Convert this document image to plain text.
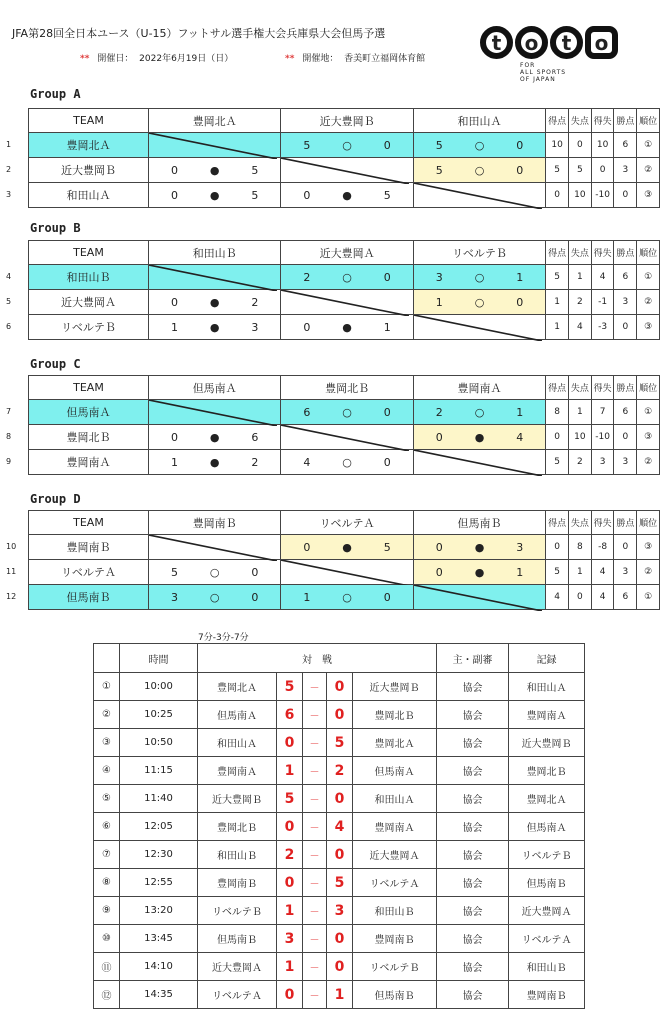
JFA第28回全日本ユース（U-15）フットサル選手権大会兵庫県大会但馬予選
** 開催日： 2022年6月19日（日）	** 開催地： 香美町立福岡体育館
t	o	t	o
FOR
ALL SPORTS
OF JAPAN
Group A
1
2
3
TEAM	豊岡北Ａ	近大豊岡Ｂ	和田山Ａ	得点	失点	得失	勝点	順位
豊岡北Ａ		5 ○ 0	5 ○ 0	10	0	10	6	①
近大豊岡Ｂ	0 ● 5		5 ○ 0	5	5	0	3	②
和田山Ａ	0 ● 5	0 ● 5		0	10	-10	0	③
Group B
4
5
6
TEAM	和田山Ｂ	近大豊岡Ａ	リベルテＢ	得点	失点	得失	勝点	順位
和田山Ｂ		2 ○ 0	3 ○ 1	5	1	4	6	①
近大豊岡Ａ	0 ● 2		1 ○ 0	1	2	-1	3	②
リベルテＢ	1 ● 3	0 ● 1		1	4	-3	0	③
Group C
7
8
9
TEAM	但馬南Ａ	豊岡北Ｂ	豊岡南Ａ	得点	失点	得失	勝点	順位
但馬南Ａ		6 ○ 0	2 ○ 1	8	1	7	6	①
豊岡北Ｂ	0 ● 6		0 ● 4	0	10	-10	0	③
豊岡南Ａ	1 ● 2	4 ○ 0		5	2	3	3	②
Group D
10
11
12
TEAM	豊岡南Ｂ	リベルテＡ	但馬南Ｂ	得点	失点	得失	勝点	順位
豊岡南Ｂ		0 ● 5	0 ● 3	0	8	-8	0	③
リベルテＡ	5 ○ 0		0 ● 1	5	1	4	3	②
但馬南Ｂ	3 ○ 0	1 ○ 0		4	0	4	6	①
7分-3分-7分
	時間	対　戦					主・副審	記録
①	10:00	豊岡北Ａ	5	－	0	近大豊岡Ｂ	協会	和田山Ａ
②	10:25	但馬南Ａ	6	－	0	豊岡北Ｂ	協会	豊岡南Ａ
③	10:50	和田山Ａ	0	－	5	豊岡北Ａ	協会	近大豊岡Ｂ
④	11:15	豊岡南Ａ	1	－	2	但馬南Ａ	協会	豊岡北Ｂ
⑤	11:40	近大豊岡Ｂ	5	－	0	和田山Ａ	協会	豊岡北Ａ
⑥	12:05	豊岡北Ｂ	0	－	4	豊岡南Ａ	協会	但馬南Ａ
⑦	12:30	和田山Ｂ	2	－	0	近大豊岡Ａ	協会	リベルテＢ
⑧	12:55	豊岡南Ｂ	0	－	5	リベルテＡ	協会	但馬南Ｂ
⑨	13:20	リベルテＢ	1	－	3	和田山Ｂ	協会	近大豊岡Ａ
⑩	13:45	但馬南Ｂ	3	－	0	豊岡南Ｂ	協会	リベルテＡ
⑪	14:10	近大豊岡Ａ	1	－	0	リベルテＢ	協会	和田山Ｂ
⑫	14:35	リベルテＡ	0	－	1	但馬南Ｂ	協会	豊岡南Ｂ
